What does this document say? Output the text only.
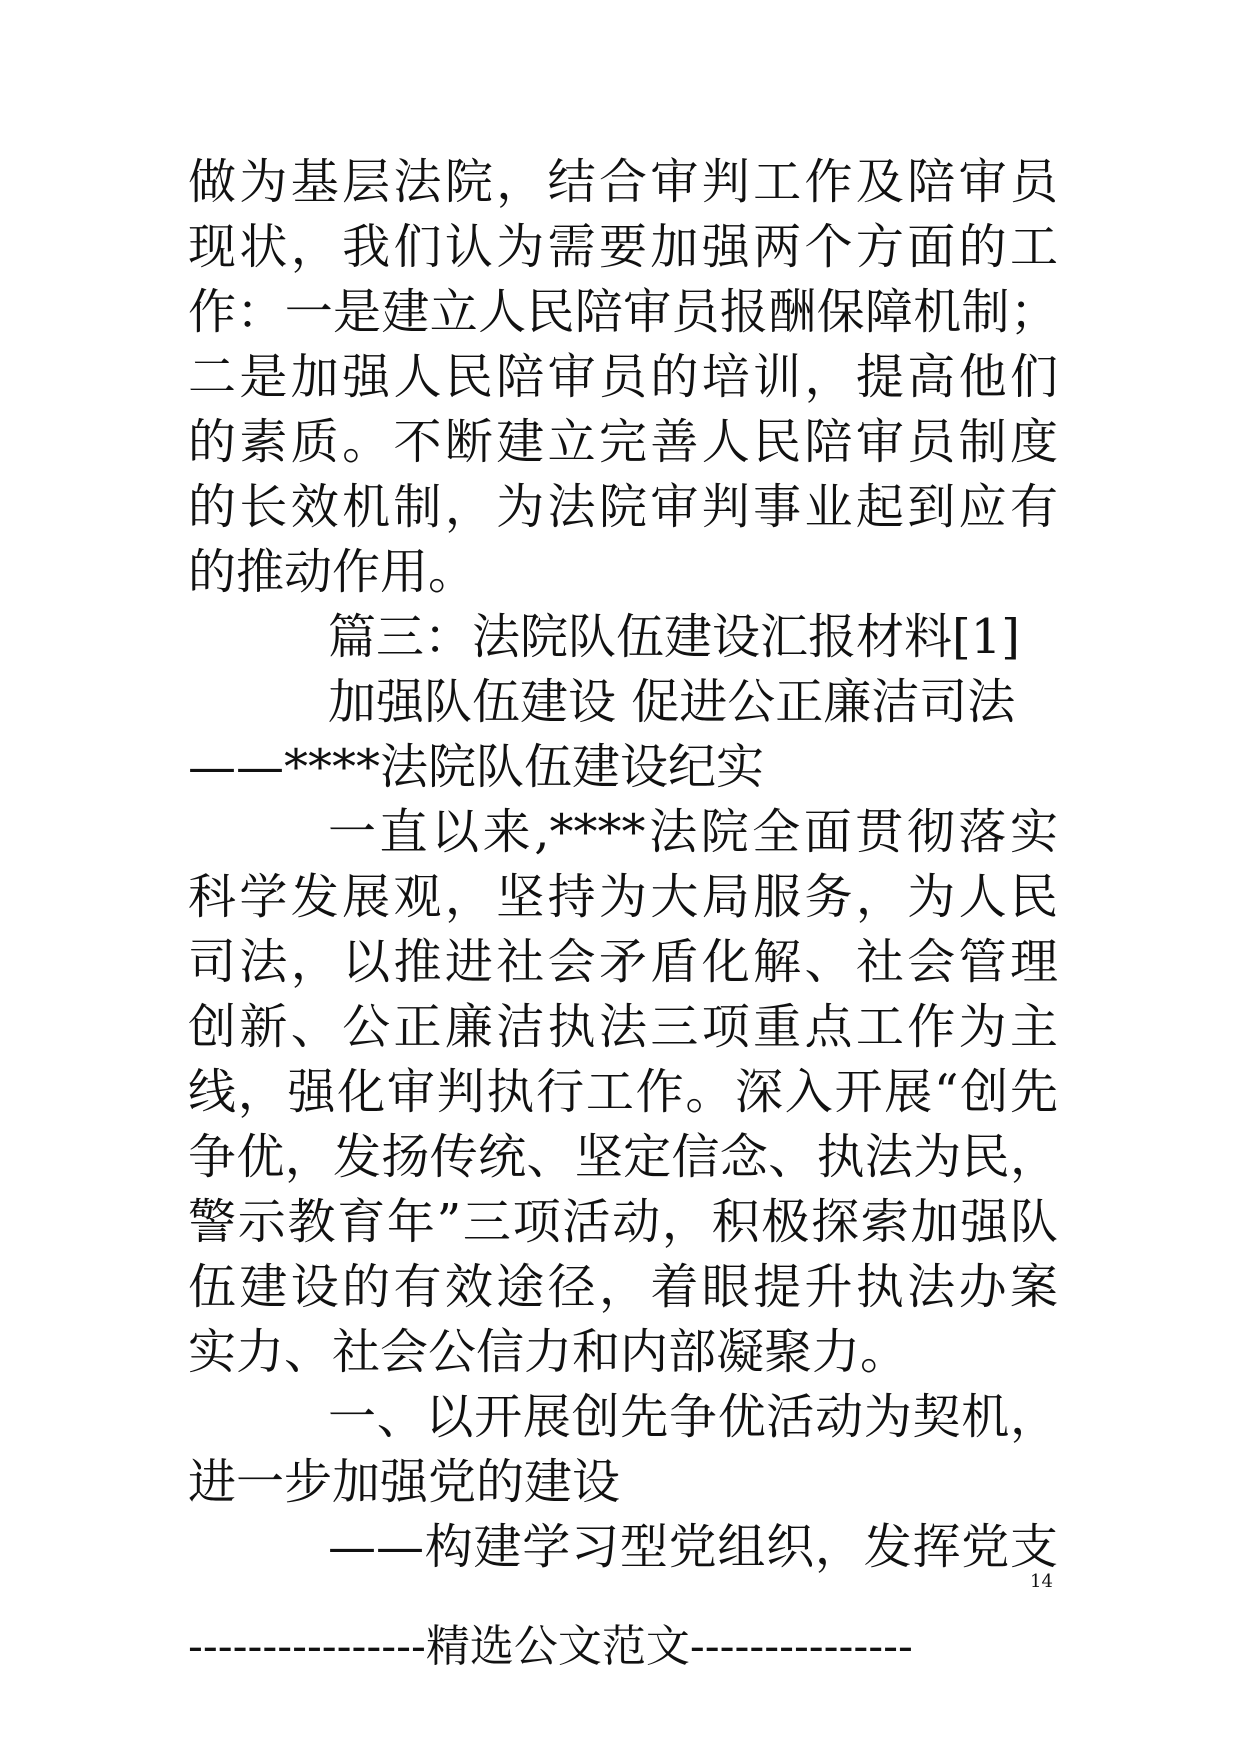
做为基层法院，结合审判工作及陪审员
现状，我们认为需要加强两个方面的工
作：一是建立人民陪审员报酬保障机制；
二是加强人民陪审员的培训，提高他们
的素质。不断建立完善人民陪审员制度
的长效机制，为法院审判事业起到应有
的推动作用。
篇三：法院队伍建设汇报材料[1]
加强队伍建设 促进公正廉洁司法
——****法院队伍建设纪实
一直以来,****法院全面贯彻落实
科学发展观，坚持为大局服务，为人民
司法，以推进社会矛盾化解、社会管理
创新、公正廉洁执法三项重点工作为主
线，强化审判执行工作。深入开展“创先
争优，发扬传统、坚定信念、执法为民，
警示教育年”三项活动，积极探索加强队
伍建设的有效途径，着眼提升执法办案
实力、社会公信力和内部凝聚力。
一、以开展创先争优活动为契机，
进一步加强党的建设
——构建学习型党组织，发挥党支
14
----------------精选公文范文---------------
